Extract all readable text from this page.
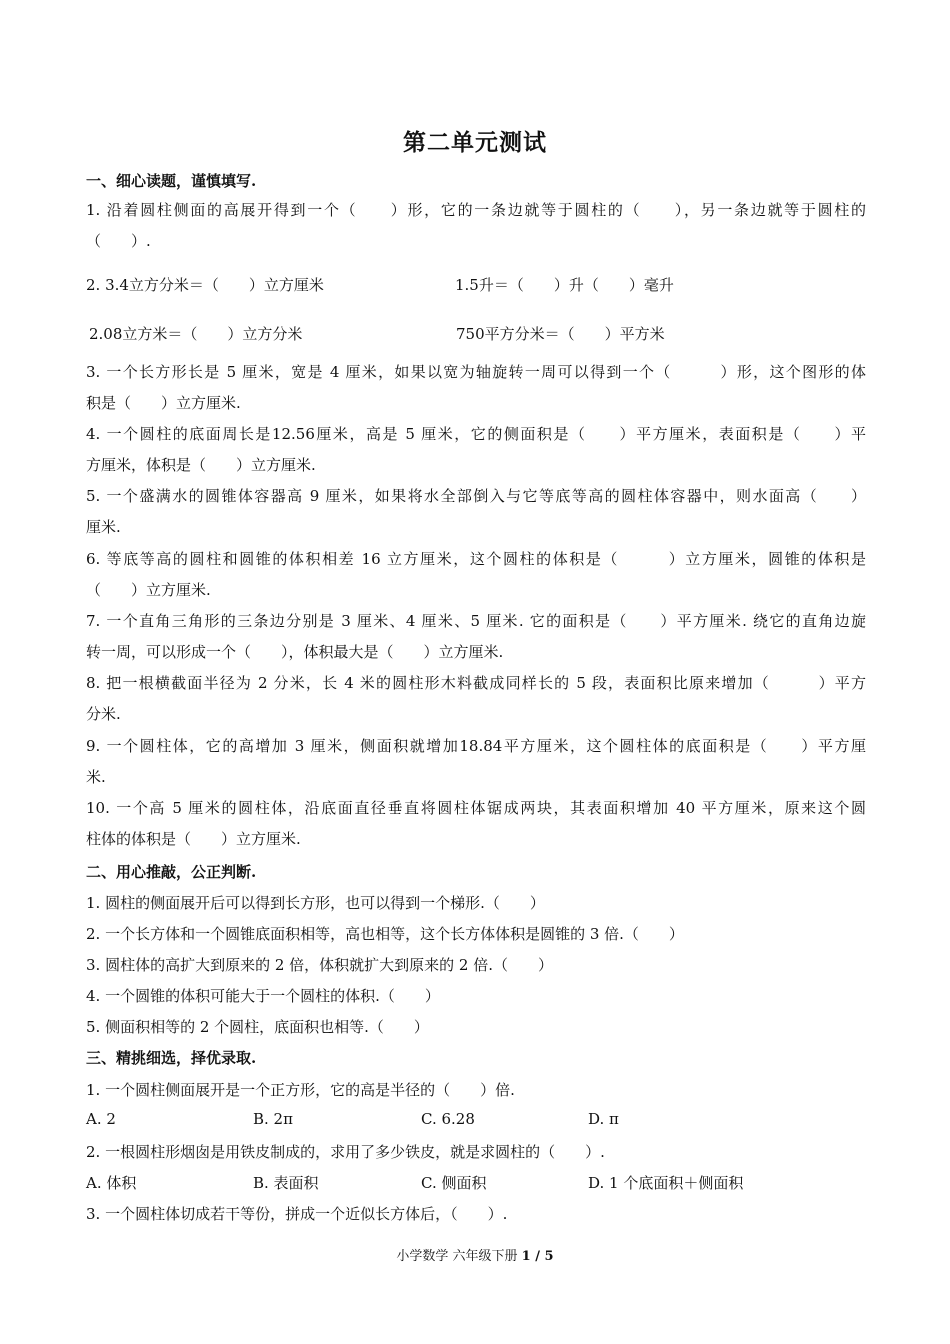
第二单元测试
一、细心读题，谨慎填写.
1. 沿着圆柱侧面的高展开得到一个（　　）形，它的一条边就等于圆柱的（　　），另一条边就等于圆柱的
（　　）.
2. 3.4立方分米＝（　　）立方厘米	1.5升＝（　　）升（　　）毫升
2.08立方米＝（　　）立方分米	750平方分米＝（　　）平方米
3. 一个长方形长是 5 厘米，宽是 4 厘米，如果以宽为轴旋转一周可以得到一个（　　　）形，这个图形的体
积是（　　）立方厘米.
4. 一个圆柱的底面周长是12.56厘米，高是 5 厘米，它的侧面积是（　　）平方厘米，表面积是（　　）平
方厘米，体积是（　　）立方厘米.
5. 一个盛满水的圆锥体容器高 9 厘米，如果将水全部倒入与它等底等高的圆柱体容器中，则水面高（　　）
厘米.
6. 等底等高的圆柱和圆锥的体积相差 16 立方厘米，这个圆柱的体积是（　　　）立方厘米，圆锥的体积是
（　　）立方厘米.
7. 一个直角三角形的三条边分别是 3 厘米、4 厘米、5 厘米. 它的面积是（　　）平方厘米. 绕它的直角边旋
转一周，可以形成一个（　　），体积最大是（　　）立方厘米.
8. 把一根横截面半径为 2 分米，长 4 米的圆柱形木料截成同样长的 5 段，表面积比原来增加（　　　）平方
分米.
9. 一个圆柱体，它的高增加 3 厘米，侧面积就增加18.84平方厘米，这个圆柱体的底面积是（　　）平方厘
米.
10. 一个高 5 厘米的圆柱体，沿底面直径垂直将圆柱体锯成两块，其表面积增加 40 平方厘米，原来这个圆
柱体的体积是（　　）立方厘米.
二、用心推敲，公正判断.
1. 圆柱的侧面展开后可以得到长方形，也可以得到一个梯形.（　　）
2. 一个长方体和一个圆锥底面积相等，高也相等，这个长方体体积是圆锥的 3 倍.（　　）
3. 圆柱体的高扩大到原来的 2 倍，体积就扩大到原来的 2 倍.（　　）
4. 一个圆锥的体积可能大于一个圆柱的体积.（　　）
5. 侧面积相等的 2 个圆柱，底面积也相等.（　　）
三、精挑细选，择优录取.
1. 一个圆柱侧面展开是一个正方形，它的高是半径的（　　）倍.
A. 2	B. 2π	C. 6.28	D. π
2. 一根圆柱形烟囱是用铁皮制成的，求用了多少铁皮，就是求圆柱的（　　）.
A. 体积	B. 表面积	C. 侧面积	D. 1 个底面积＋侧面积
3. 一个圆柱体切成若干等份，拼成一个近似长方体后，（　　）.
小学数学 六年级下册 1 / 5
